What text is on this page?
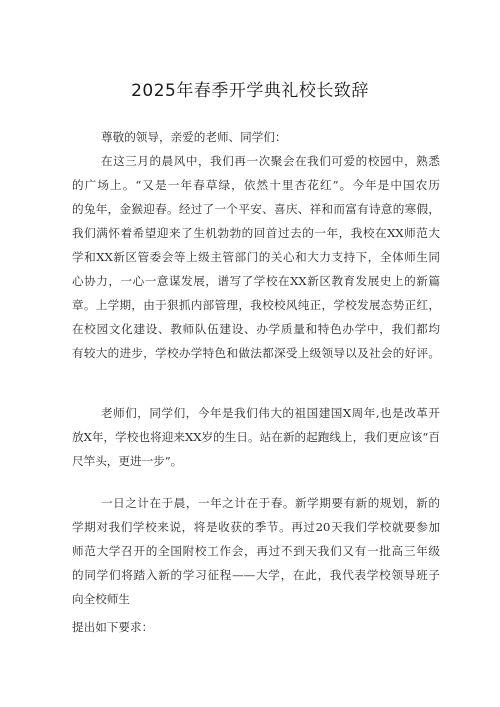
2025年春季开学典礼校长致辞
尊敬的领导，亲爱的老师、同学们：
在这三月的晨风中，我们再一次聚会在我们可爱的校园中，熟悉
的广场上。“又是一年春草绿，依然十里杏花红”。今年是中国农历
的兔年，金猴迎春。经过了一个平安、喜庆、祥和而富有诗意的寒假，
我们满怀着希望迎来了生机勃勃的回首过去的一年，我校在XX师范大
学和XX新区管委会等上级主管部门的关心和大力支持下，全体师生同
心协力，一心一意谋发展，谱写了学校在XX新区教育发展史上的新篇
章。上学期，由于狠抓内部管理，我校校风纯正，学校发展态势正红，
在校园文化建设、教师队伍建设、办学质量和特色办学中，我们都均
有较大的进步，学校办学特色和做法都深受上级领导以及社会的好评。
老师们，同学们，今年是我们伟大的祖国建国X周年,也是改革开
放X年，学校也将迎来XX岁的生日。站在新的起跑线上，我们更应该“百
尺竿头，更进一步”。
一日之计在于晨，一年之计在于春。新学期要有新的规划，新的
学期对我们学校来说，将是收获的季节。再过20天我们学校就要参加
师范大学召开的全国附校工作会，再过不到天我们又有一批高三年级
的同学们将踏入新的学习征程——大学，在此，我代表学校领导班子
向全校师生
提出如下要求：
